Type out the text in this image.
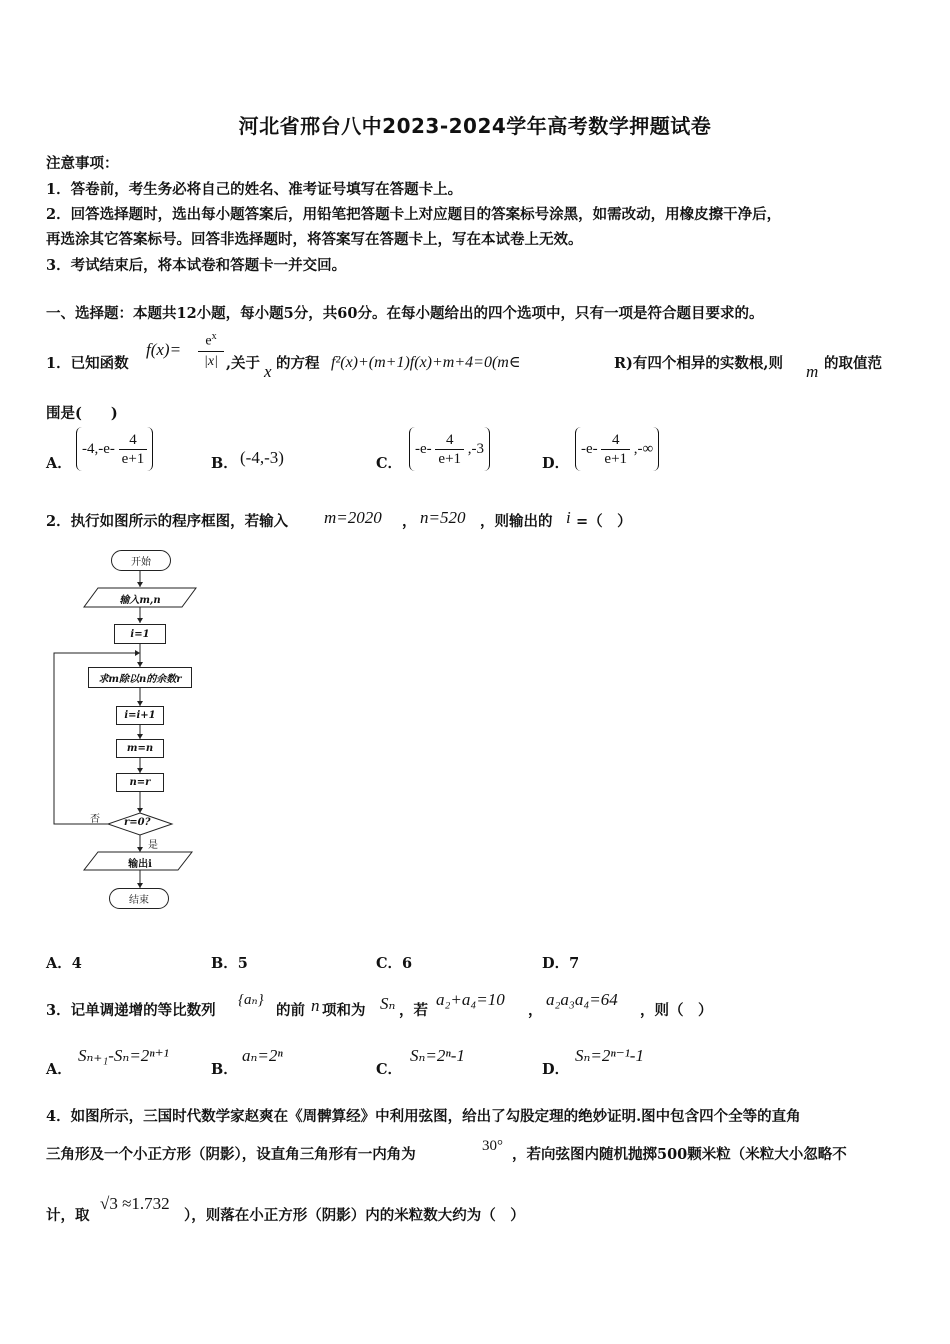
河北省邢台八中2023-2024学年高考数学押题试卷
注意事项：
1．答卷前，考生务必将自己的姓名、准考证号填写在答题卡上。
2．回答选择题时，选出每小题答案后，用铅笔把答题卡上对应题目的答案标号涂黑，如需改动，用橡皮擦干净后，
再选涂其它答案标号。回答非选择题时，将答案写在答题卡上，写在本试卷上无效。
3．考试结束后，将本试卷和答题卡一并交回。
一、选择题：本题共12小题，每小题5分，共60分。在每小题给出的四个选项中，只有一项是符合题目要求的。
1．已知函数
f(x)=	$e^x$
|x| ,关于 x 的方程 f²(x)+(m+1)f(x)+m+4=0(m∈	R)有四个相异的实数根,则 m 的取值范
围是(　　)
A．
$-4,-e- \frac{4}{e+1}$	B． (-4,-3)	C．
$-e- \frac{4}{e+1} ,-3$
D．
$-e- \frac{4}{e+1}$ ,-∞
2．执行如图所示的程序框图，若输入 m=2020 ， n=520 ，则输出的 i =（　）
开始
输入m,n
i=1
求m除以n的余数r
i=i+1
m=n
n=r
r=0?
否
是
输出i
结束
A．4	B．5	C．6	D．7
3．记单调递增的等比数列
{aₙ}
的前 n 项和为 Sₙ ，若
a₂+a₄=10
，
a₂a₃a₄=64
，则（　）
A．
Sₙ₊₁-Sₙ=2ⁿ⁺¹
B．
aₙ=2ⁿ
C．
Sₙ=2ⁿ-1
D．
Sₙ=2ⁿ⁻¹-1
4．如图所示，三国时代数学家赵爽在《周髀算经》中利用弦图，给出了勾股定理的绝妙证明.图中包含四个全等的直角
三角形及一个小正方形（阴影），设直角三角形有一内角为	30° ，若向弦图内随机抛掷500颗米粒（米粒大小忽略不
计，取
√3 ≈1.732
），则落在小正方形（阴影）内的米粒数大约为（　）
